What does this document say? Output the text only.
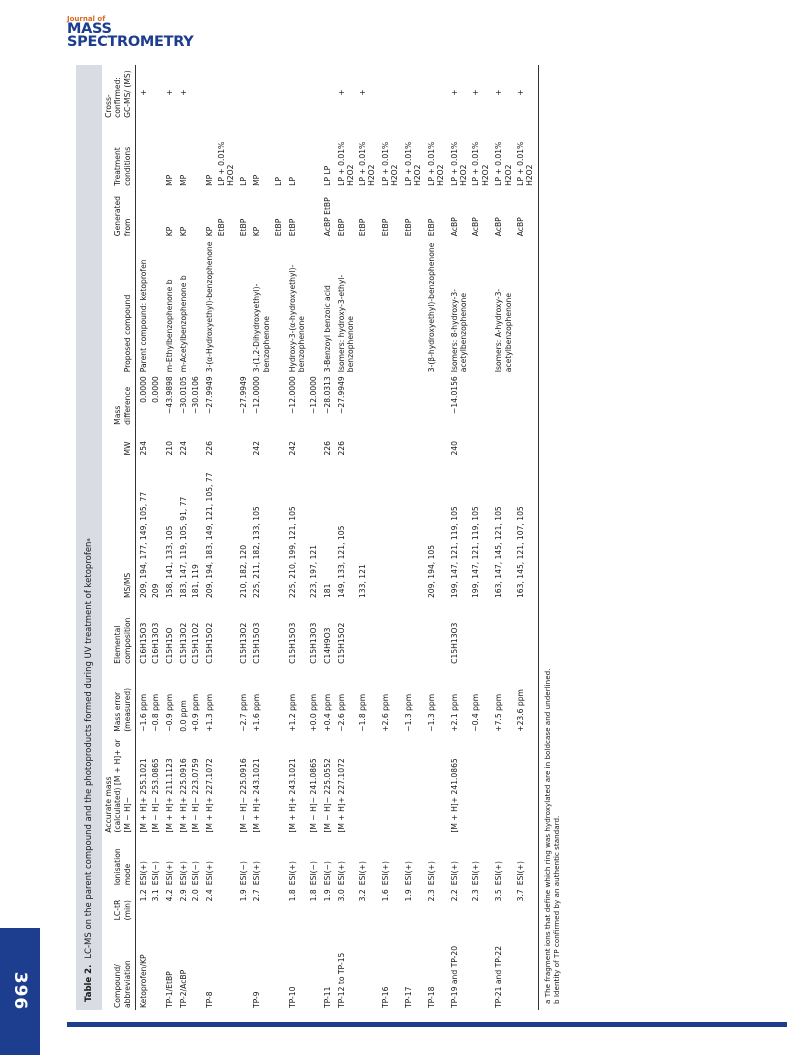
Journal of
MASS
SPECTROMETRY
396	Table 2.
LC-MS on the parent compound and the photoproducts formed during UV treatment of ketoprofen
a
Compound/ abbreviation	LC-tR (min)	Ionisation mode	Accurate mass (calculated) [M + H]+ or [M − H]−	Mass error (measured)	Elemental composition	MS/MS	MW	Mass difference	Proposed compound	Generated from	Treatment conditions	Cross-confirmed: GC-MS/ (MS)
Ketoprofen/KP	1.2	ESI(+)	[M + H]+ 255.1021	−1.6 ppm	C16H15O3	209, 194, 177, 149, 105, 77	254	0.0000	Parent compound: ketoprofen			+
	3.1	ESI(−)	[M − H]− 253.0865	−0.8 ppm	C16H13O3	209		0.0000				
TP-1/EtBP	4.2	ESI(+)	[M + H]+ 211.1123	−0.9 ppm	C15H15O	158, 141, 133, 105	210	−43.9898	m-Ethylbenzophenone b	KP	MP	+
TP-2/AcBP	2.9	ESI(+)	[M + H]+ 225.0916	0.0 ppm	C15H13O2	183, 147, 119, 105, 91, 77	224	−30.0105	m-Acetylbenzophenone b	KP	MP	+
	2.0	ESI(−)	[M − H]− 223.0759	+0.9 ppm	C15H11O2	181, 119		−30.0106				
TP-8	2.4	ESI(+)	[M + H]+ 227.1072	+1.3 ppm	C15H15O2	209, 194, 183, 149, 121, 105, 77	226	−27.9949	3-(α-Hydroxyethyl)-benzophenone	KP	MP	
										EtBP	LP + 0.01% H2O2	
	1.9	ESI(−)	[M − H]− 225.0916	−2.7 ppm	C15H13O2	210, 182, 120		−27.9949		EtBP	LP	
TP-9	2.7	ESI(+)	[M + H]+ 243.1021	+1.6 ppm	C15H15O3	225, 211, 182, 133, 105	242	−12.0000	3-(1,2-Dihydroxyethyl)-benzophenone	KP	MP	
										EtBP	LP	
TP-10	1.8	ESI(+)	[M + H]+ 243.1021	+1.2 ppm	C15H15O3	225, 210, 199, 121, 105	242	−12.0000	Hydroxy-3-(α-hydroxyethyl)-benzophenone	EtBP	LP	
	1.8	ESI(−)	[M − H]− 241.0865	+0.0 ppm	C15H13O3	223, 197, 121		−12.0000				
TP-11	1.9	ESI(−)	[M − H]− 225.0552	+0.4 ppm	C14H9O3	181	226	−28.0313	3-Benzoyl benzoic acid	AcBP EtBP	LP LP	
TP-12 to TP-15	3.0	ESI(+)	[M + H]+ 227.1072	−2.6 ppm	C15H15O2	149, 133, 121, 105	226	−27.9949	Isomers: hydroxy-3-ethyl-benzophenone	EtBP	LP + 0.01% H2O2	+
	3.2	ESI(+)		−1.8 ppm		133, 121				EtBP	LP + 0.01% H2O2	+
TP-16	1.6	ESI(+)		+2.6 ppm						EtBP	LP + 0.01% H2O2	
TP-17	1.9	ESI(+)		−1.3 ppm						EtBP	LP + 0.01% H2O2	
TP-18	2.3	ESI(+)		−1.3 ppm		209, 194, 105			3-(β-hydroxyethyl)-benzophenone	EtBP	LP + 0.01% H2O2	
TP-19 and TP-20	2.2	ESI(+)	[M + H]+ 241.0865	+2.1 ppm	C15H13O3	199, 147, 121, 119, 105	240	−14.0156	Isomers: 8-hydroxy-3-acetylbenzophenone	AcBP	LP + 0.01% H2O2	+
	2.3	ESI(+)		−0.4 ppm		199, 147, 121, 119, 105				AcBP	LP + 0.01% H2O2	+
TP-21 and TP-22	3.5	ESI(+)		+7.5 ppm		163, 147, 145, 121, 105			Isomers: A-hydroxy-3-acetylbenzophenone	AcBP	LP + 0.01% H2O2	+
	3.7	ESI(+)		+23.6 ppm		163, 145, 121, 107, 105				AcBP	LP + 0.01% H2O2	+
a The fragment ions that define which ring was hydroxylated are in boldcase and underlined. b Identity of TP confirmed by an authentic standard.
